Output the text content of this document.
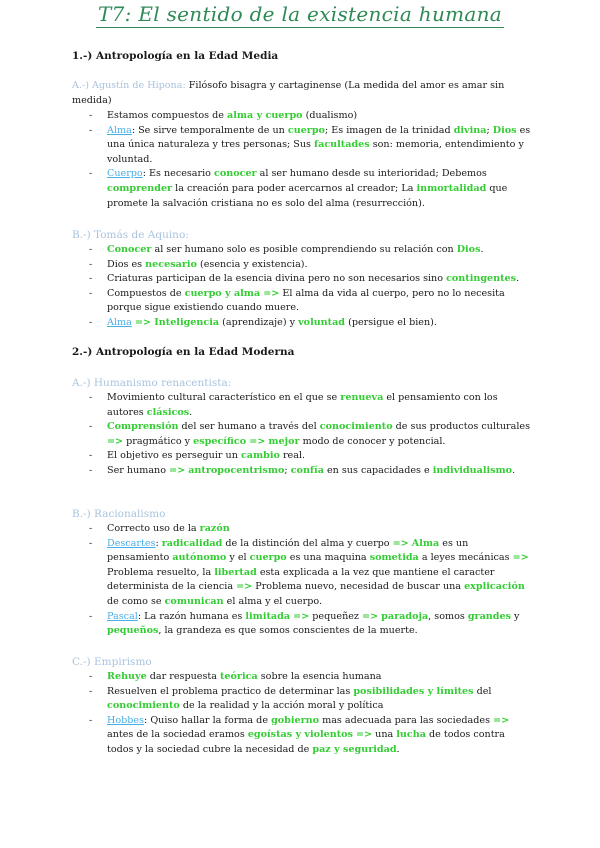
T7: El sentido de la existencia humana
1.-) Antropología en la Edad Media
A.-) Agustín de Hipona: Filósofo bisagra y cartaginense (La medida del amor es amar sin medida)
- Estamos compuestos de alma y cuerpo (dualismo)
- Alma: Se sirve temporalmente de un cuerpo; Es imagen de la trinidad divina; Dios es una única naturaleza y tres personas; Sus facultades son: memoria, entendimiento y voluntad.
- Cuerpo: Es necesario conocer al ser humano desde su interioridad; Debemos comprender la creación para poder acercarnos al creador; La inmortalidad que promete la salvación cristiana no es solo del alma (resurrección).
B.-) Tomás de Aquino:
- Conocer al ser humano solo es posible comprendiendo su relación con Dios.
- Dios es necesario (esencia y existencia).
- Criaturas participan de la esencia divina pero no son necesarios sino contingentes.
- Compuestos de cuerpo y alma => El alma da vida al cuerpo, pero no lo necesita porque sigue existiendo cuando muere.
- Alma => Inteligencia (aprendizaje) y voluntad (persigue el bien).
2.-) Antropología en la Edad Moderna
A.-) Humanismo renacentista:
- Movimiento cultural característico en el que se renueva el pensamiento con los autores clásicos.
- Comprensión del ser humano a través del conocimiento de sus productos culturales => pragmático y específico => mejor modo de conocer y potencial.
- El objetivo es perseguir un cambio real.
- Ser humano => antropocentrismo; confía en sus capacidades e individualismo.
B.-) Racionalismo
- Correcto uso de la razón
- Descartes: radicalidad de la distinción del alma y cuerpo => Alma es un pensamiento autónomo y el cuerpo es una maquina sometida a leyes mecánicas => Problema resuelto, la libertad esta explicada a la vez que mantiene el caracter determinista de la ciencia => Problema nuevo, necesidad de buscar una explicación de como se comunican el alma y el cuerpo.
- Pascal: La razón humana es limitada => pequeñez => paradoja, somos grandes y pequeños, la grandeza es que somos conscientes de la muerte.
C.-) Empirismo
- Rehuye dar respuesta teórica sobre la esencia humana
- Resuelven el problema practico de determinar las posibilidades y límites del conocimiento de la realidad y la acción moral y política
- Hobbes: Quiso hallar la forma de gobierno mas adecuada para las sociedades => antes de la sociedad eramos egoístas y violentos => una lucha de todos contra todos y la sociedad cubre la necesidad de paz y seguridad.
